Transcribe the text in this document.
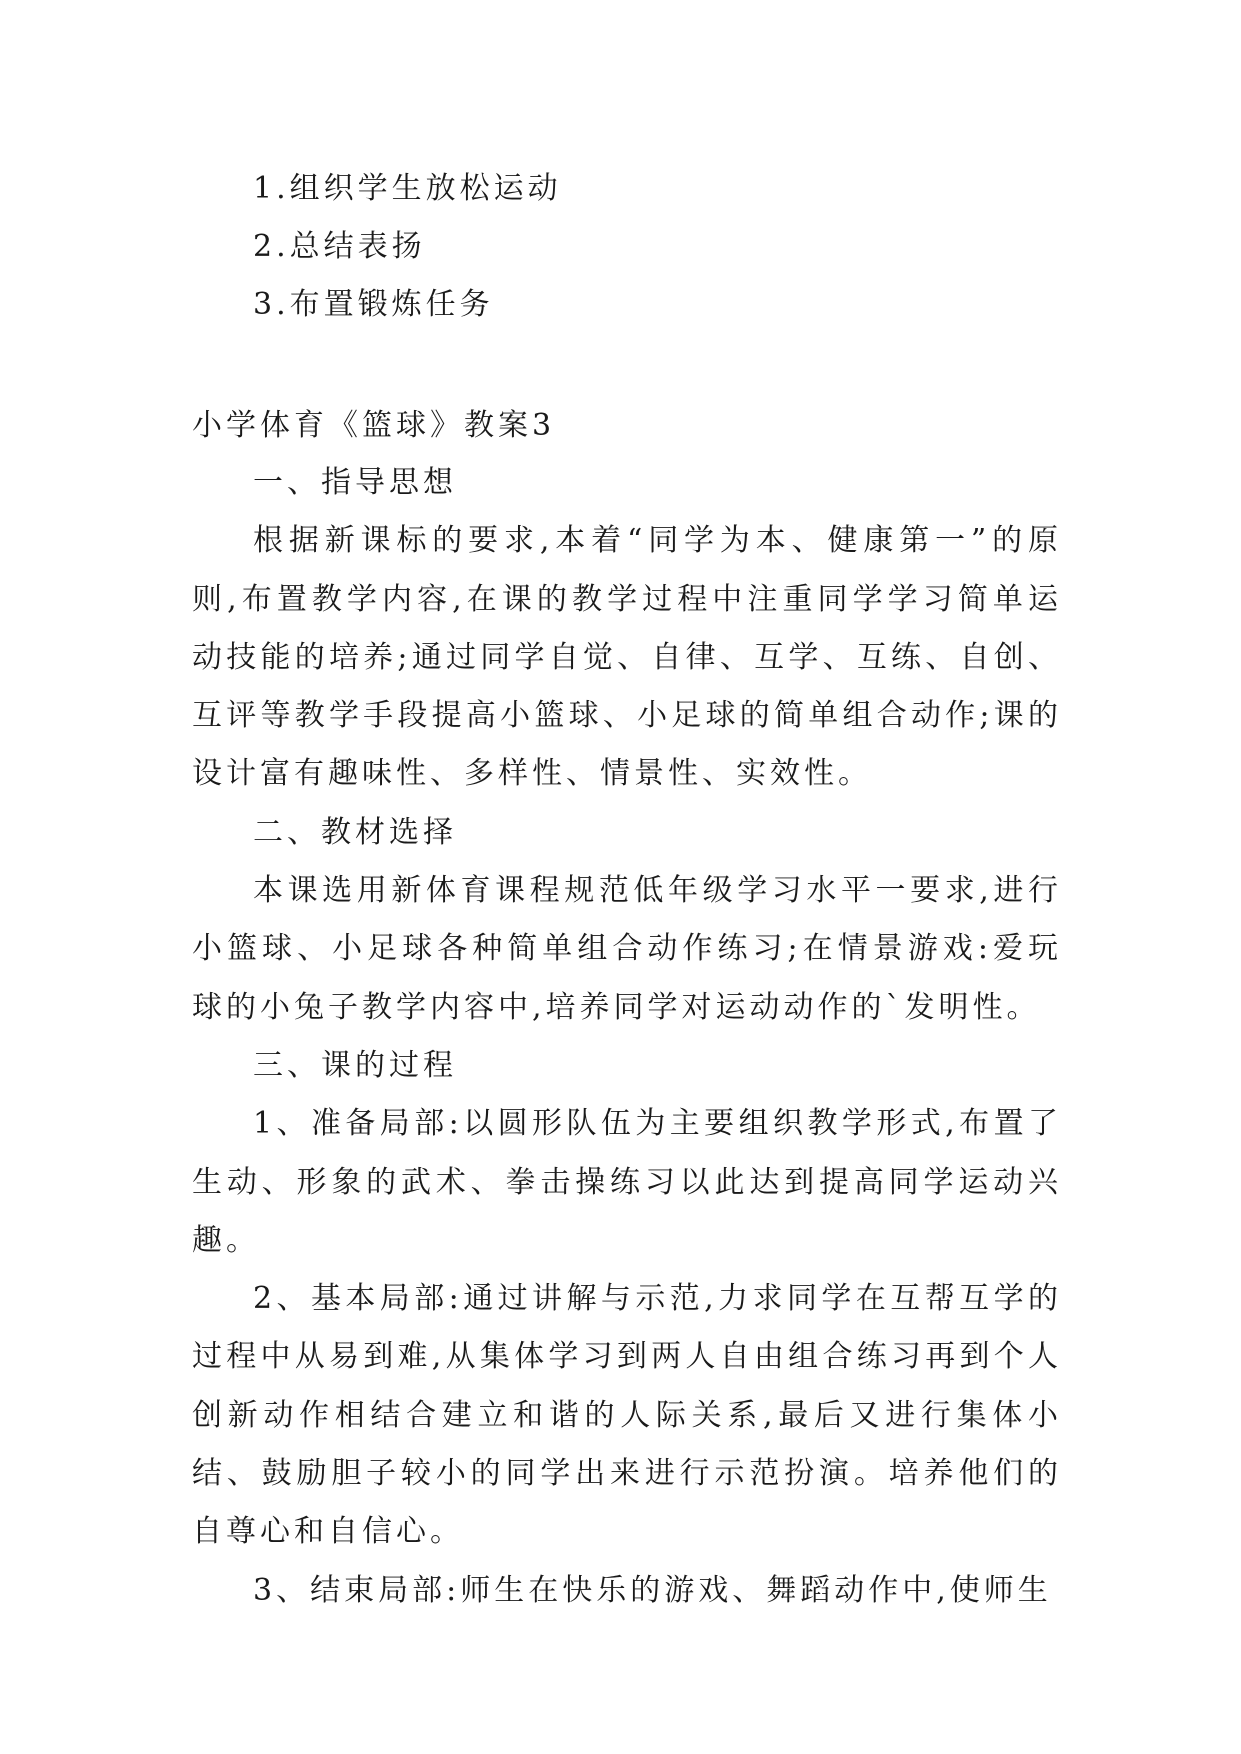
1.组织学生放松运动
2.总结表扬
3.布置锻炼任务
小学体育《篮球》教案3

一、指导思想

根据新课标的要求,本着“同学为本、健康第一”的原则,布置教学内容,在课的教学过程中注重同学学习简单运动技能的培养;通过同学自觉、自律、互学、互练、自创、互评等教学手段提高小篮球、小足球的简单组合动作;课的设计富有趣味性、多样性、情景性、实效性。

二、教材选择

本课选用新体育课程规范低年级学习水平一要求,进行小篮球、小足球各种简单组合动作练习;在情景游戏:爱玩球的小兔子教学内容中,培养同学对运动动作的`发明性。

三、课的过程

1、准备局部:以圆形队伍为主要组织教学形式,布置了生动、形象的武术、拳击操练习以此达到提高同学运动兴趣。

2、基本局部:通过讲解与示范,力求同学在互帮互学的过程中从易到难,从集体学习到两人自由组合练习再到个人创新动作相结合建立和谐的人际关系,最后又进行集体小结、鼓励胆子较小的同学出来进行示范扮演。培养他们的自尊心和自信心。

3、结束局部:师生在快乐的游戏、舞蹈动作中,使师生
